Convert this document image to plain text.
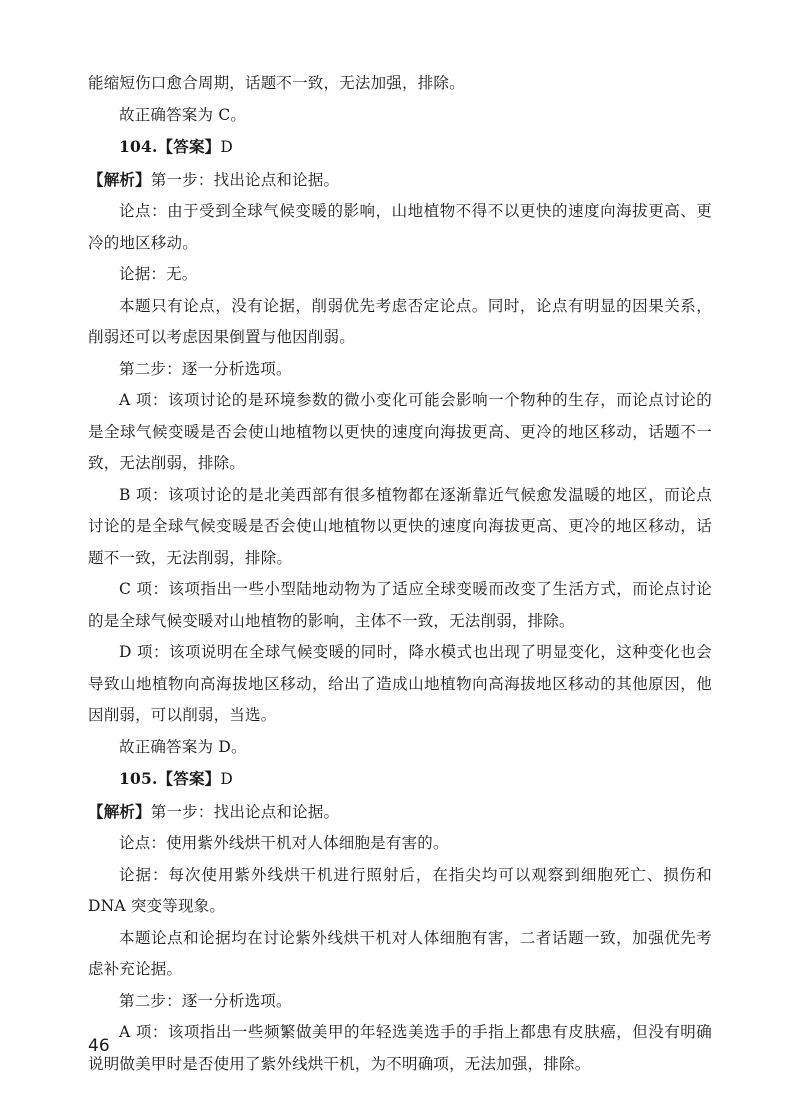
能缩短伤口愈合周期，话题不一致，无法加强，排除。

故正确答案为 C。

104.【答案】D

【解析】第一步：找出论点和论据。

论点：由于受到全球气候变暖的影响，山地植物不得不以更快的速度向海拔更高、更冷的地区移动。

论据：无。

本题只有论点，没有论据，削弱优先考虑否定论点。同时，论点有明显的因果关系，削弱还可以考虑因果倒置与他因削弱。

第二步：逐一分析选项。

A 项：该项讨论的是环境参数的微小变化可能会影响一个物种的生存，而论点讨论的是全球气候变暖是否会使山地植物以更快的速度向海拔更高、更冷的地区移动，话题不一致，无法削弱，排除。

B 项：该项讨论的是北美西部有很多植物都在逐渐靠近气候愈发温暖的地区，而论点讨论的是全球气候变暖是否会使山地植物以更快的速度向海拔更高、更冷的地区移动，话题不一致，无法削弱，排除。

C 项：该项指出一些小型陆地动物为了适应全球变暖而改变了生活方式，而论点讨论的是全球气候变暖对山地植物的影响，主体不一致，无法削弱，排除。

D 项：该项说明在全球气候变暖的同时，降水模式也出现了明显变化，这种变化也会导致山地植物向高海拔地区移动，给出了造成山地植物向高海拔地区移动的其他原因，他因削弱，可以削弱，当选。

故正确答案为 D。

105.【答案】D

【解析】第一步：找出论点和论据。

论点：使用紫外线烘干机对人体细胞是有害的。

论据：每次使用紫外线烘干机进行照射后，在指尖均可以观察到细胞死亡、损伤和 DNA 突变等现象。

本题论点和论据均在讨论紫外线烘干机对人体细胞有害，二者话题一致，加强优先考虑补充论据。

第二步：逐一分析选项。

A 项：该项指出一些频繁做美甲的年轻选美选手的手指上都患有皮肤癌，但没有明确说明做美甲时是否使用了紫外线烘干机，为不明确项，无法加强，排除。

46
